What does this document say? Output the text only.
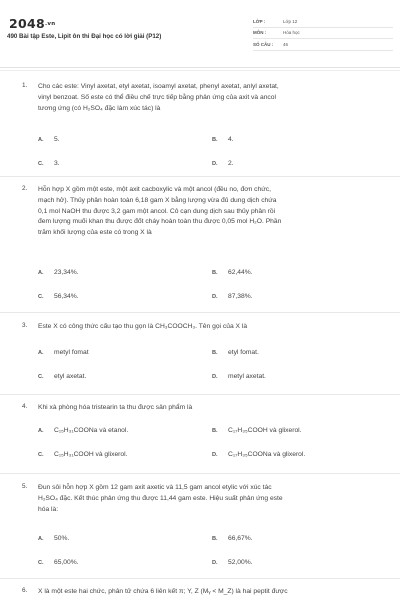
$2048^{.vn}$
490 Bài tập Este, Lipit ôn thi Đại học có lời giải (P12)
LỚP :	Lớp 12
MÔN :	Hóa học
SỐ CÂU :	46
1. Cho các este: Vinyl axetat, etyl axetat, isoamyl axetat, phenyl axetat, anlyl axetat,
vinyl benzoat. Số este có thể điều chế trực tiếp bằng phản ứng của axit và ancol
tương ứng (có H₂SO₄ đặc làm xúc tác) là
A. 5.	B. 4.
C. 3.	D. 2.
2. Hỗn hợp X gồm một este, một axit cacboxylic và một ancol (đều no, đơn chức,
mạch hở). Thủy phân hoàn toàn 6,18 gam X bằng lượng vừa đủ dung dịch chứa
0,1 mol NaOH thu được 3,2 gam một ancol. Cô cạn dung dịch sau thủy phân rồi
đem lượng muối khan thu được đốt cháy hoàn toàn thu được 0,05 mol H₂O. Phần
trăm khối lượng của este có trong X là
A. 23,34%.	B. 62,44%.
C. 56,34%.	D. 87,38%.
3. Este X có công thức cấu tạo thu gọn là CH₃COOCH₃. Tên gọi của X là
A. metyl fomat	B. etyl fomat.
C. etyl axetat.	D. metyl axetat.
4. Khi xà phòng hóa tristearin ta thu được sản phẩm là
A. C₁₅H₃₁COONa và etanol.	B. C₁₇H₃₅COOH và glixerol.
C. C₁₅H₃₁COOH và glixerol.	D. C₁₇H₃₅COONa và glixerol.
5. Đun sôi hỗn hợp X gồm 12 gam axit axetic và 11,5 gam ancol etylic với xúc tác
H₂SO₄ đặc. Kết thúc phản ứng thu được 11,44 gam este. Hiệu suất phản ứng este
hóa là:
A. 50%.	B. 66,67%.
C. 65,00%.	D. 52,00%.
6. X là một este hai chức, phân tử chứa 6 liên kết π; Y, Z (Mᵧ < M_Z) là hai peptit được
